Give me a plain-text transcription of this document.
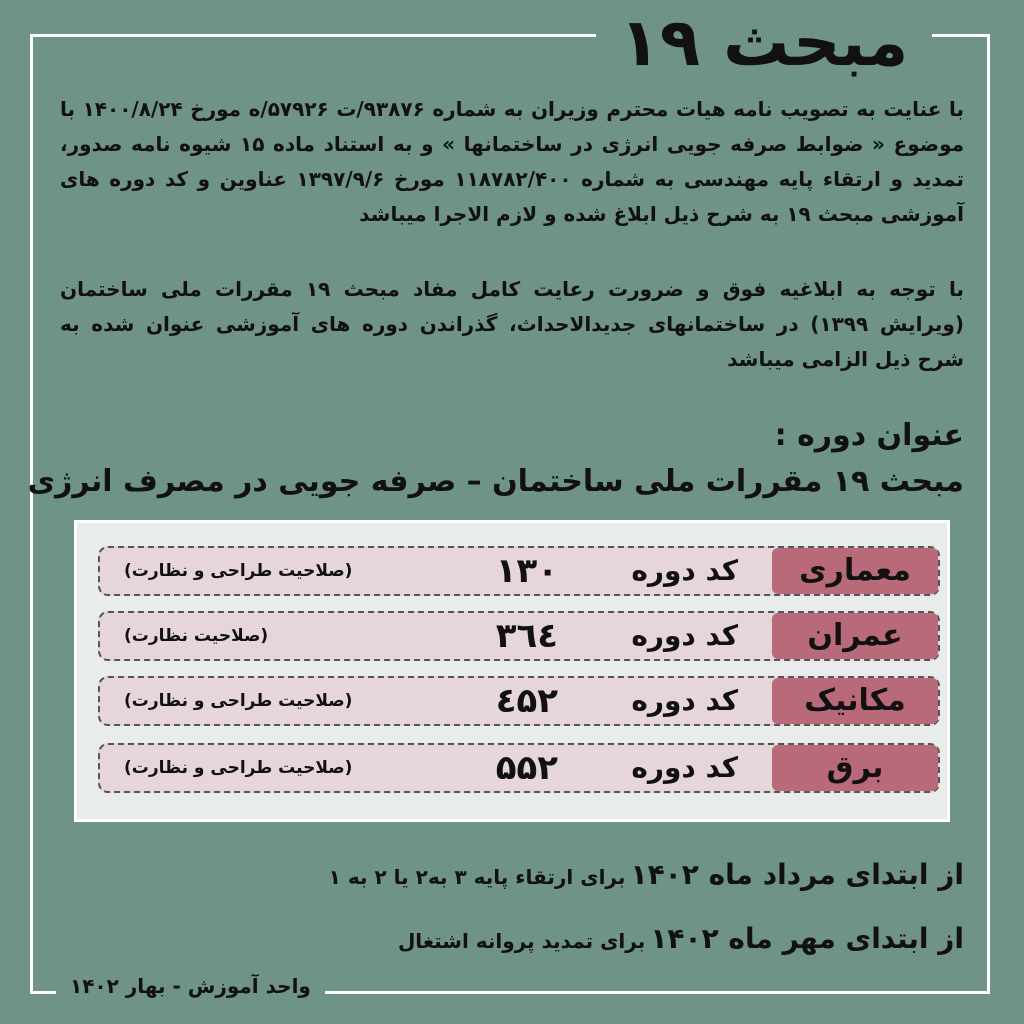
مبحث ۱۹
با عنایت به تصویب نامه هیات محترم وزیران به شماره ۹۳۸۷۶/ت ۵۷۹۲۶/ه مورخ ۱۴۰۰/۸/۲۴ با موضوع « ضوابط صرفه جویی انرژی در ساختمانها » و به استناد ماده ۱۵ شیوه نامه صدور، تمدید و ارتقاء پایه مهندسی به شماره ۱۱۸۷۸۲/۴۰۰ مورخ ۱۳۹۷/۹/۶ عناوین و کد دوره های آموزشی مبحث ۱۹ به شرح ذیل ابلاغ شده و لازم الاجرا میباشد
با توجه به ابلاغیه فوق و ضرورت رعایت کامل مفاد مبحث ۱۹ مقررات ملی ساختمان (ویرایش ۱۳۹۹) در ساختمانهای جدیدالاحداث، گذراندن دوره های آموزشی عنوان شده به شرح ذیل الزامی میباشد
عنوان دوره :
مبحث ۱۹ مقررات ملی ساختمان – صرفه جویی در مصرف انرژی
معماری
کد دوره
۱۳۰
(صلاحیت طراحی و نظارت)
عمران
کد دوره
۳٦٤
(صلاحیت نظارت)
مکانیک
کد دوره
٤۵۲
(صلاحیت طراحی و نظارت)
برق
کد دوره
۵۵۲
(صلاحیت طراحی و نظارت)
از ابتدای مرداد ماه ۱۴۰۲ برای ارتقاء پایه ۳ به۲ یا ۲ به ۱
از ابتدای مهر ماه ۱۴۰۲ برای تمدید پروانه اشتغال
واحد آموزش - بهار ۱۴۰۲
